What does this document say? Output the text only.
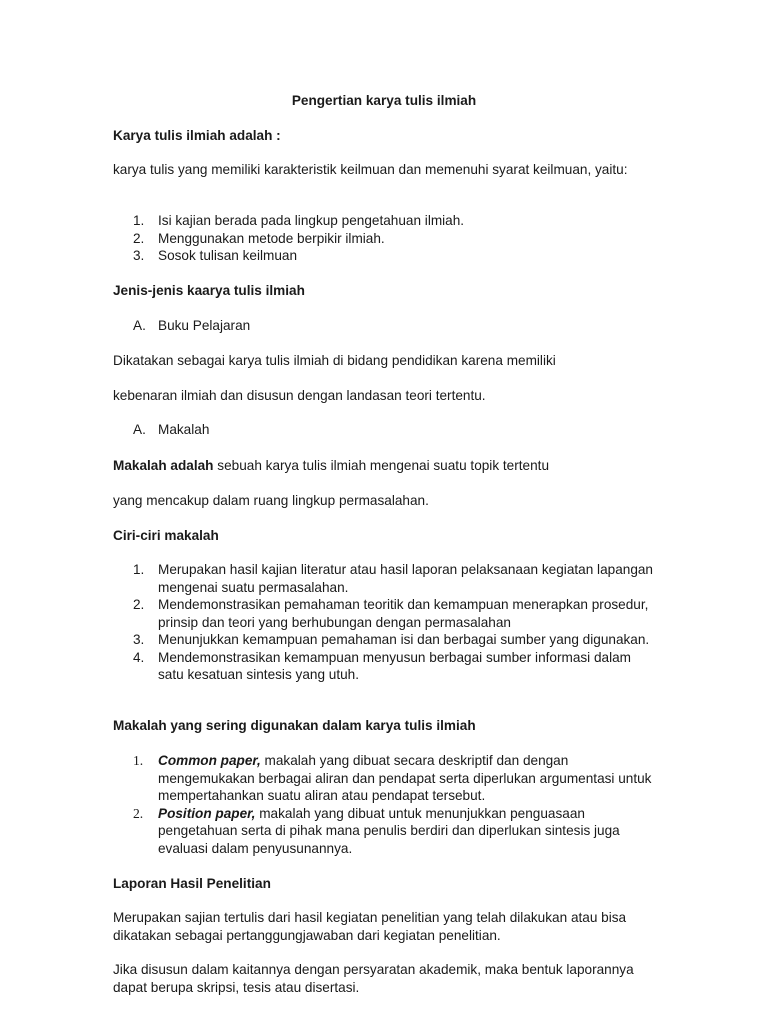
Pengertian karya tulis ilmiah

Karya tulis ilmiah adalah :

karya tulis yang memiliki karakteristik keilmuan dan memenuhi syarat keilmuan, yaitu:

1. Isi kajian berada pada lingkup pengetahuan ilmiah.
2. Menggunakan metode berpikir ilmiah.
3. Sosok tulisan keilmuan

Jenis-jenis kaarya tulis ilmiah

A. Buku Pelajaran

Dikatakan sebagai karya tulis ilmiah di bidang pendidikan karena memiliki

kebenaran ilmiah dan disusun dengan landasan teori tertentu.

A. Makalah

Makalah adalah sebuah karya tulis ilmiah mengenai suatu topik tertentu

yang mencakup dalam ruang lingkup permasalahan.

Ciri-ciri makalah

1. Merupakan hasil kajian literatur atau hasil laporan pelaksanaan kegiatan lapangan mengenai suatu permasalahan.
2. Mendemonstrasikan pemahaman teoritik dan kemampuan menerapkan prosedur, prinsip dan teori yang berhubungan dengan permasalahan
3. Menunjukkan kemampuan pemahaman isi dan berbagai sumber yang digunakan.
4. Mendemonstrasikan kemampuan menyusun berbagai sumber informasi dalam satu kesatuan sintesis yang utuh.

Makalah yang sering digunakan dalam karya tulis ilmiah

1. Common paper, makalah yang dibuat secara deskriptif dan dengan mengemukakan berbagai aliran dan pendapat serta diperlukan argumentasi untuk mempertahankan suatu aliran atau pendapat tersebut.
2. Position paper, makalah yang dibuat untuk menunjukkan penguasaan pengetahuan serta di pihak mana penulis berdiri dan diperlukan sintesis juga evaluasi dalam penyusunannya.

Laporan Hasil Penelitian

Merupakan sajian tertulis dari hasil kegiatan penelitian yang telah dilakukan atau bisa dikatakan sebagai pertanggungjawaban dari kegiatan penelitian.

Jika disusun dalam kaitannya dengan persyaratan akademik, maka bentuk laporannya dapat berupa skripsi, tesis atau disertasi.
